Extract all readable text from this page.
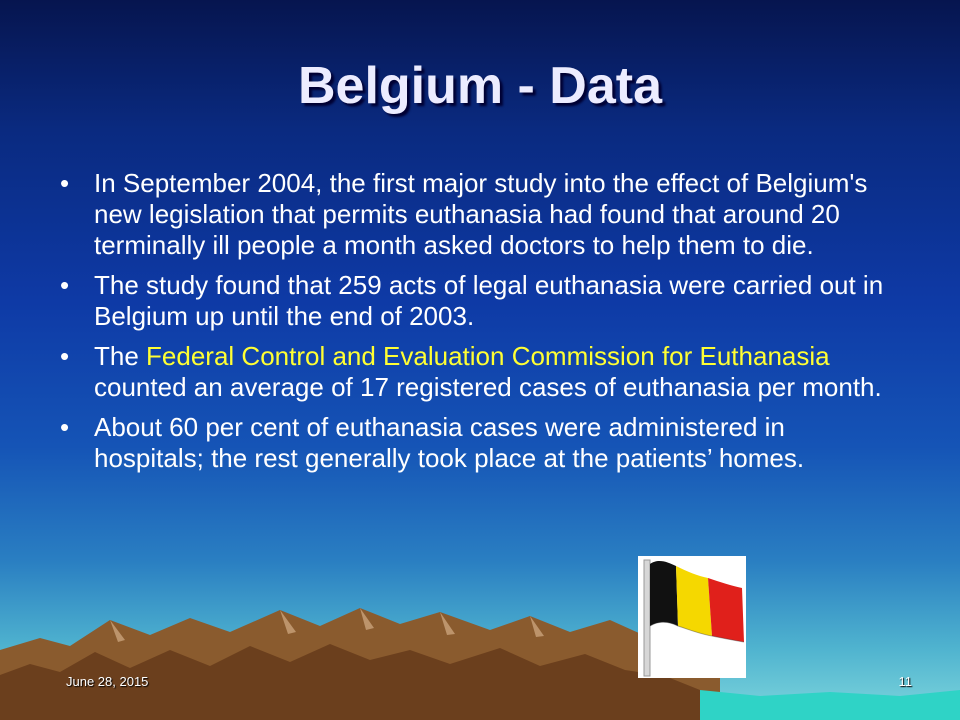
Belgium - Data
• In September 2004, the first major study into the effect of Belgium's new legislation that permits euthanasia had found that around 20 terminally ill people a month asked doctors to help them to die.
• The study found that 259 acts of legal euthanasia were carried out in Belgium up until the end of 2003.
• The Federal Control and Evaluation Commission for Euthanasia counted an average of 17 registered cases of euthanasia per month.
• About 60 per cent of euthanasia cases were administered in hospitals; the rest generally took place at the patients’ homes.
June 28, 2015	11
